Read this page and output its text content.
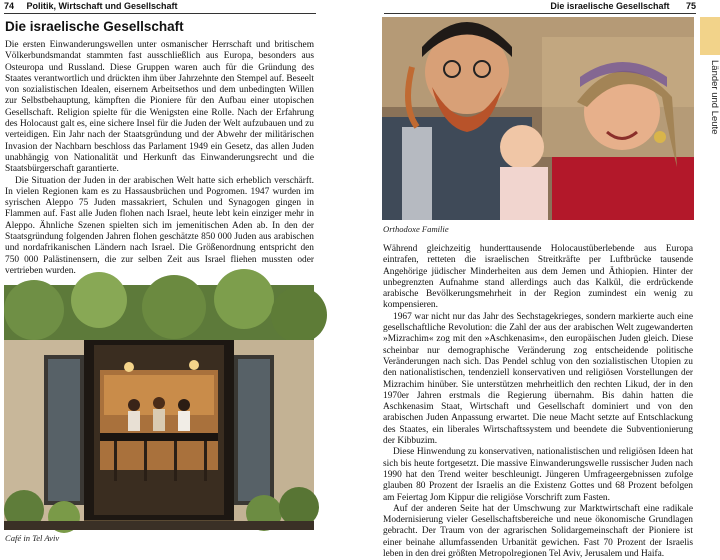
74 Politik, Wirtschaft und Gesellschaft
Die israelische Gesellschaft

Die ersten Einwanderungswellen unter osmanischer Herrschaft und britischem Völkerbundsmandat stammten fast ausschließlich aus Europa, besonders aus Osteuropa und Russland. Diese Gruppen waren auch für die Gründung des Staates verantwortlich und drückten ihm über Jahrzehnte den Stempel auf. Beseelt von sozialistischen Idealen, eisernem Arbeitsethos und dem unbedingten Willen zur Selbstbehauptung, kämpften die Pioniere für den Aufbau einer utopischen Gesellschaft. Religion spielte für die Wenigsten eine Rolle. Nach der Erfahrung des Holocaust galt es, eine sichere Insel für die Juden der Welt aufzubauen und zu verteidigen. Ein Jahr nach der Staatsgründung und der Abwehr der militärischen Invasion der Nachbarn beschloss das Parlament 1949 ein Gesetz, das allen Juden unabhängig von Nationalität und Herkunft das Einwanderungsrecht und die Staatsbürgerschaft garantierte.

Die Situation der Juden in der arabischen Welt hatte sich erheblich verschärft. In vielen Regionen kam es zu Hassausbrüchen und Pogromen. 1947 wurden im syrischen Aleppo 75 Juden massakriert, Schulen und Synagogen gingen in Flammen auf. Fast alle Juden flohen nach Israel, heute lebt kein einziger mehr in Aleppo. Ähnliche Szenen spielten sich im jemenitischen Aden ab. In den der Staatsgründung folgenden Jahren flohen geschätzte 850 000 Juden aus arabischen und nordafrikanischen Ländern nach Israel. Die Größenordnung entspricht den 750 000 Palästinensern, die zur selben Zeit aus Israel fliehen mussten oder vertrieben wurden.

Café in Tel Aviv
Die israelische Gesellschaft 75
Orthodoxe Familie

Während gleichzeitig hunderttausende Holocaustüberlebende aus Europa eintrafen, retteten die israelischen Streitkräfte per Luftbrücke tausende Angehörige jüdischer Minderheiten aus dem Jemen und Äthiopien. Hinter der unbegrenzten Aufnahme stand allerdings auch das Kalkül, die erdrückende arabische Bevölkerungsmehrheit in der Region zumindest ein wenig zu kompensieren.

1967 war nicht nur das Jahr des Sechstagekrieges, sondern markierte auch eine gesellschaftliche Revolution: die Zahl der aus der arabischen Welt zugewanderten »Mizrachim« zog mit den »Aschkenasim«, den europäischen Juden gleich. Diese scheinbar nur demographische Veränderung zog entscheidende politische Veränderungen nach sich. Das Pendel schlug von den sozialistischen Utopien zu den nationalistischen, tendenziell konservativen und religiösen Vorstellungen der Mizrachim hinüber. Sie unterstützen mehrheitlich den rechten Likud, der in den 1970er Jahren erstmals die Regierung übernahm. Bis dahin hatten die Aschkenasim Staat, Wirtschaft und Gesellschaft dominiert und von den arabischen Juden Anpassung erwartet. Die neue Macht setzte auf Entschlackung des Staates, ein liberales Wirtschaftssystem und beendete die Subventionierung der Kibbuzim.

Diese Hinwendung zu konservativen, nationalistischen und religiösen Ideen hat sich bis heute fortgesetzt. Die massive Einwanderungswelle russischer Juden nach 1990 hat den Trend weiter beschleunigt. Jüngeren Umfrageergebnissen zufolge glauben 80 Prozent der Israelis an die Existenz Gottes und 68 Prozent befolgen am Feiertag Jom Kippur die religiöse Vorschrift zum Fasten.

Auf der anderen Seite hat der Umschwung zur Marktwirtschaft eine radikale Modernisierung vieler Gesellschaftsbereiche und neue ökonomische Grundlagen gebracht. Der Traum von der agrarischen Solidargemeinschaft der Pioniere ist einer beinahe allumfassenden Urbanität gewichen. Fast 70 Prozent der Israelis leben in den drei größten Metropolregionen Tel Aviv, Jerusalem und Haifa.

Länder und Leute
